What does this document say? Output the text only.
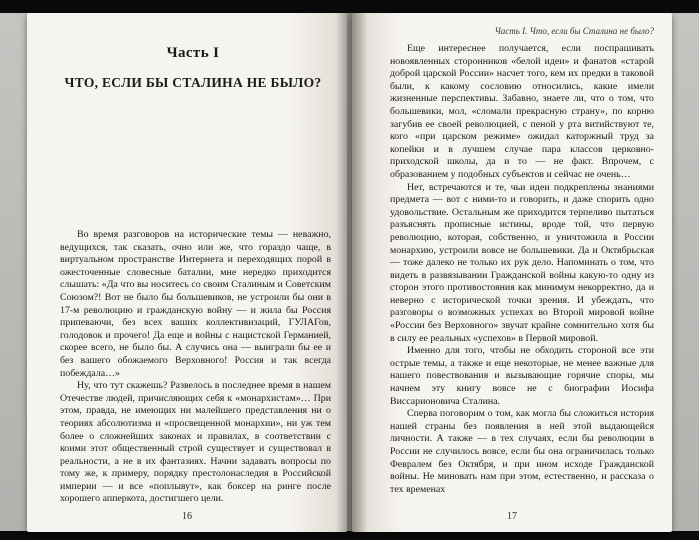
Часть I
ЧТО, ЕСЛИ БЫ СТАЛИНА НЕ БЫЛО?

Во время разговоров на исторические темы — неважно, ведущихся, так сказать, очно или же, что гораздо чаще, в виртуальном пространстве Интернета и переходящих порой в ожесточенные словесные баталии, мне нередко приходится слышать: «Да что вы носитесь со своим Сталиным и Советским Союзом?! Вот не было бы большевиков, не устроили бы они в 17-м революцию и гражданскую войну — и жила бы Россия припеваючи, без всех ваших коллективизаций, ГУЛАГов, голодовок и прочего! Да еще и войны с нацистской Германией, скорее всего, не было бы. А случись она — выиграли бы ее и без вашего обожаемого Верховного! Россия и так всегда побеждала…»

Ну, что тут скажешь? Развелось в последнее время в нашем Отечестве людей, причисляющих себя к «монархистам»… При этом, правда, не имеющих ни малейшего представления ни о теориях абсолютизма и «просвещенной монархии», ни уж тем более о сложнейших законах и правилах, в соответствии с коими этот общественный строй существует и существовал в реальности, а не в их фантазиях. Начни задавать вопросы по тому же, к примеру, порядку престолонаследия в Российской империи — и все «поплывут», как боксер на ринге после хорошего апперкота, достигшего цели.

16
Часть I. Что, если бы Сталина не было?

Еще интереснее получается, если поспрашивать новоявленных сторонников «белой идеи» и фанатов «старой доброй царской России» насчет того, кем их предки в таковой были, к какому сословию относились, какие имели жизненные перспективы. Забавно, знаете ли, что о том, что большевики, мол, «сломали прекрасную страну», по корню загубив ее своей революцией, с пеной у рта витийствуют те, кого «при царском режиме» ожидал каторжный труд за копейки и в лучшем случае пара классов церковно-приходской школы, да и то — не факт. Впрочем, с образованием у подобных субъектов и сейчас не очень…

Нет, встречаются и те, чьи идеи подкреплены знаниями предмета — вот с ними-то и говорить, и даже спорить одно удовольствие. Остальным же приходится терпеливо пытаться разъяснять прописные истины, вроде той, что первую революцию, которая, собственно, и уничтожила в России монархию, устроили вовсе не большевики. Да и Октябрьская — тоже далеко не только их рук дело. Напоминать о том, что видеть в развязывании Гражданской войны какую-то одну из сторон этого противостояния как минимум некорректно, да и неверно с исторической точки зрения. И убеждать, что разговоры о возможных успехах во Второй мировой войне «России без Верховного» звучат крайне сомнительно хотя бы в силу ее реальных «успехов» в Первой мировой.

Именно для того, чтобы не обходить стороной все эти острые темы, а также и еще некоторые, не менее важные для нашего повествования и вызывающие горячие споры, мы начнем эту книгу вовсе не с биографии Иосифа Виссарионовича Сталина.

Сперва поговорим о том, как могла бы сложиться история нашей страны без появления в ней этой выдающейся личности. А также — в тех случаях, если бы революции в России не случилось вовсе, если бы она ограничилась только Февралем без Октября, и при ином исходе Гражданской войны. Не миновать нам при этом, естественно, и рассказа о тех временах

17
